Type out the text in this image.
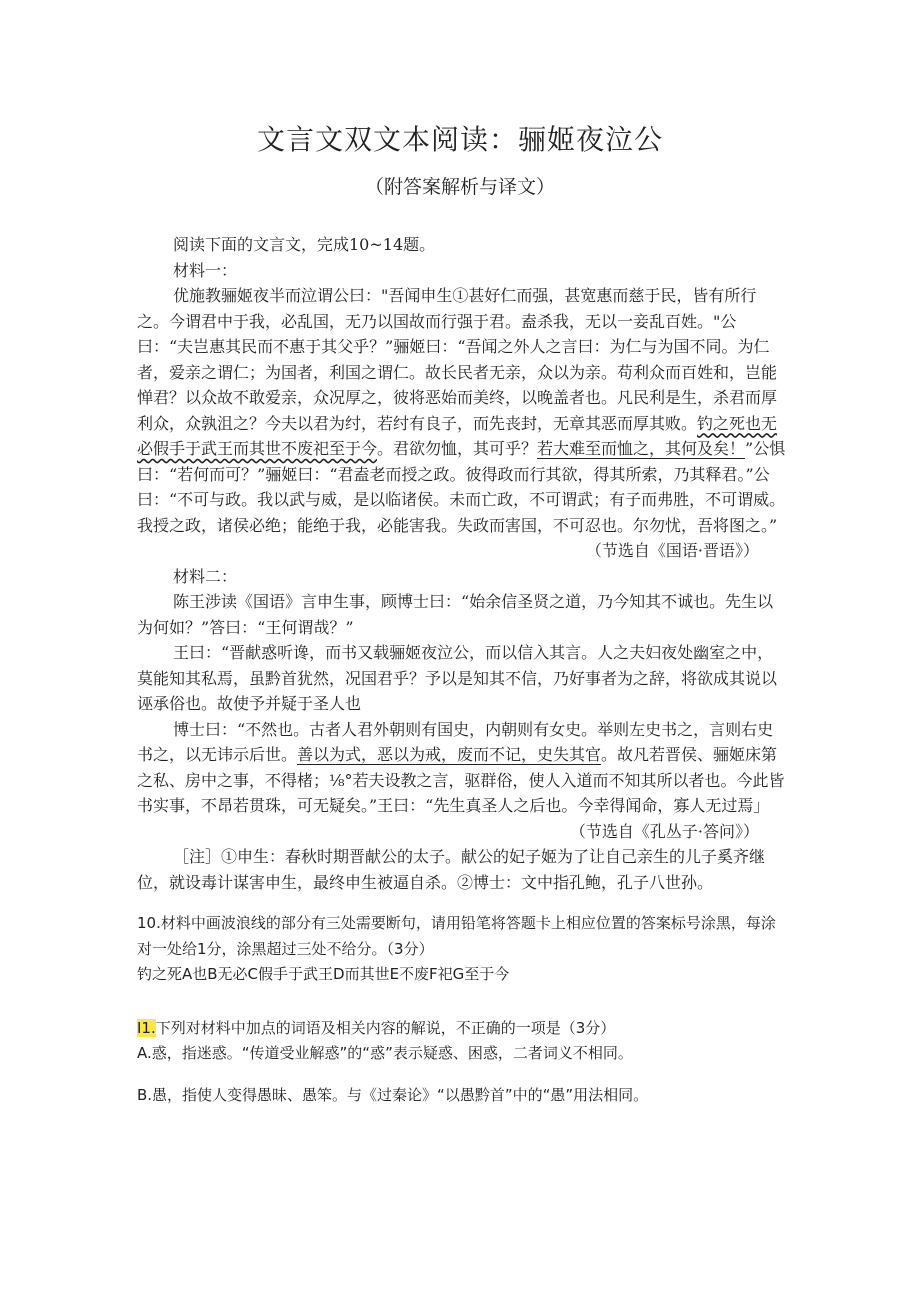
文言文双文本阅读：骊姬夜泣公
（附答案解析与译文）

阅读下面的文言文，完成10~14题。

材料一：

优施教骊姬夜半而泣谓公曰："吾闻申生①甚好仁而强，甚宽惠而慈于民，皆有所行之。今谓君中于我，必乱国，无乃以国故而行强于君。盍杀我，无以一妾乱百姓。"公曰：“夫岂惠其民而不惠于其父乎？”骊姬曰：“吾闻之外人之言曰：为仁与为国不同。为仁者，爱亲之谓仁；为国者，利国之谓仁。故长民者无亲，众以为亲。苟利众而百姓和，岂能惮君？以众故不敢爱亲，众况厚之，彼将恶始而美终，以晚盖者也。凡民利是生，杀君而厚利众，众孰沮之？今夫以君为纣，若纣有良子，而先丧封，无章其恶而厚其败。钓之死也无必假手于武王而其世不废祀至于今。君欲勿恤，其可乎？若大难至而恤之，其何及矣！”公惧曰：“若何而可？”骊姬曰：“君盍老而授之政。彼得政而行其欲，得其所索，乃其释君。”公曰：“不可与政。我以武与威，是以临诸侯。未而亡政，不可谓武；有子而弗胜，不可谓威。我授之政，诸侯必绝；能绝于我，必能害我。失政而害国，不可忍也。尔勿忧，吾将图之。”

（节选自《国语·晋语》）

材料二：

陈王涉读《国语》言申生事，顾博士曰：“始余信圣贤之道，乃今知其不诚也。先生以为何如？”答曰：“王何谓哉？”

王曰：“晋献惑听谗，而书又载骊姬夜泣公，而以信入其言。人之夫妇夜处幽室之中，莫能知其私焉，虽黔首犹然，况国君乎？予以是知其不信，乃好事者为之辞，将欲成其说以诬承俗也。故使予并疑于圣人也

博士曰：“不然也。古者人君外朝则有国史，内朝则有女史。举则左史书之，言则右史书之，以无讳示后世。善以为式，恶以为戒，废而不记，史失其官。故凡若晋侯、骊姬床第之私、房中之事，不得楮；⅛°若夫设教之言，驱群俗，使人入道而不知其所以者也。今此皆书实事，不昂若贯珠，可无疑矣。”王曰：“先生真圣人之后也。今幸得闻命，寡人无过焉」

（节选自《孔丛子·答问》）

［注］①申生：春秋时期晋献公的太子。献公的妃子姬为了让自己亲生的儿子奚齐继位，就设毒计谋害申生，最终申生被逼自杀。②博士：文中指孔鲍，孔子八世孙。

10.材料中画波浪线的部分有三处需要断句，请用铅笔将答题卡上相应位置的答案标号涂黑，每涂对一处给1分，涂黑超过三处不给分。（3分）

钓之死A也B无必C假手于武王D而其世E不废F祀G至于今

I1.下列对材料中加点的词语及相关内容的解说，不正确的一项是（3分）

A.惑，指迷惑。“传道受业解惑”的“惑”表示疑惑、困惑，二者词义不相同。

B.愚，指使人变得愚昧、愚笨。与《过秦论》“以愚黔首”中的“愚”用法相同。
